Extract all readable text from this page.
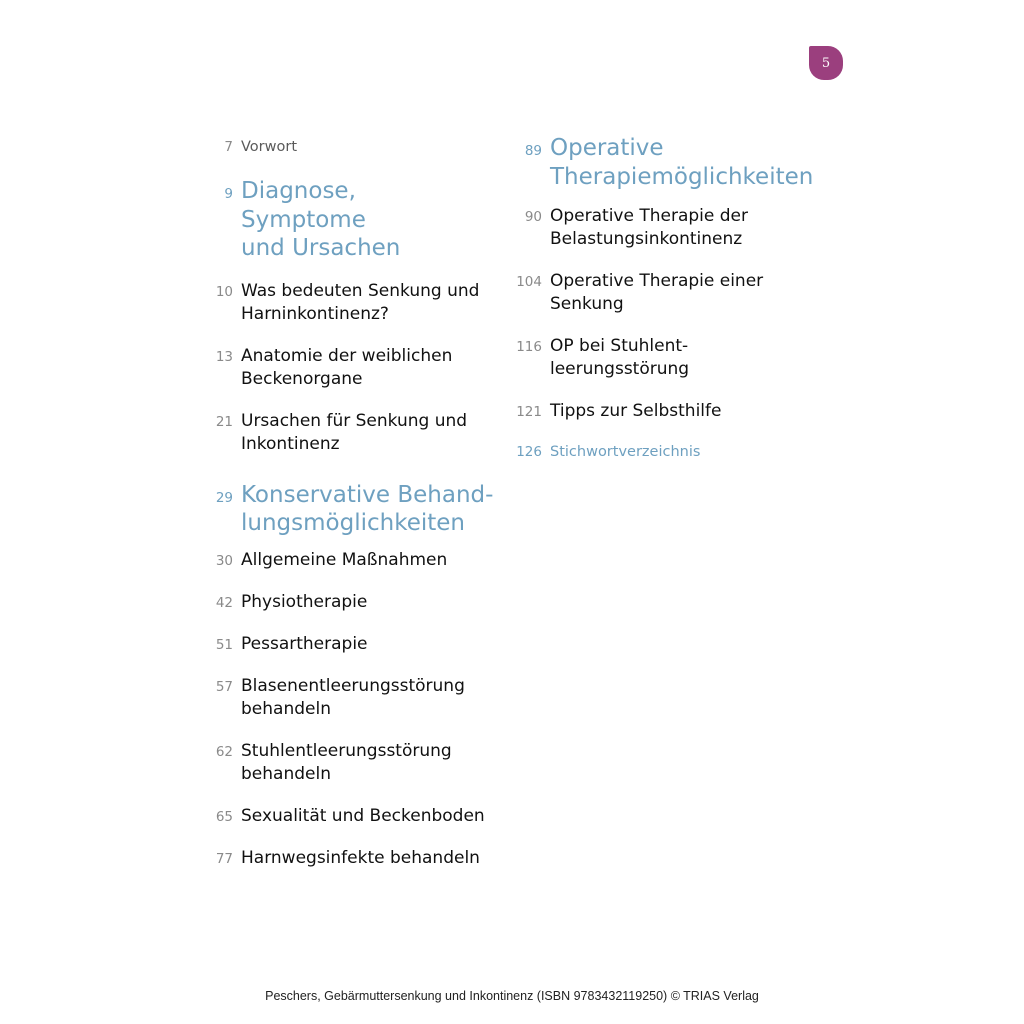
5
7 Vorwort
9 Diagnose,
Symptome
und Ursachen
10 Was bedeuten Senkung und
Harninkontinenz?
13 Anatomie der weiblichen
Beckenorgane
21 Ursachen für Senkung und
Inkontinenz
29 Konservative Behand-
lungsmöglichkeiten
30 Allgemeine Maßnahmen
42 Physiotherapie
51 Pessartherapie
57 Blasenentleerungsstörung
behandeln
62 Stuhlentleerungsstörung
behandeln
65 Sexualität und Beckenboden
77 Harnwegsinfekte behandeln
89 Operative
Therapiemöglichkeiten
90 Operative Therapie der
Belastungsinkontinenz
104 Operative Therapie einer
Senkung
116 OP bei Stuhlent-
leerungsstörung
121 Tipps zur Selbsthilfe
126 Stichwortverzeichnis
Peschers, Gebärmuttersenkung und Inkontinenz (ISBN 9783432119250) © TRIAS Verlag
